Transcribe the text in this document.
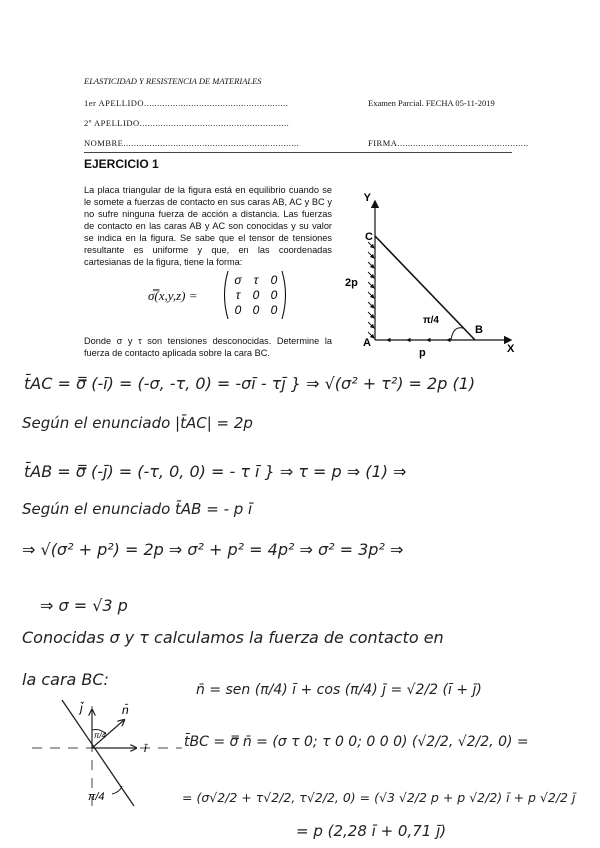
ELASTICIDAD Y RESISTENCIA DE MATERIALES
1er APELLIDO.......................................................	Examen Parcial. FECHA 05-11-2019
2º APELLIDO.........................................................
NOMBRE...................................................................	FIRMA..................................................
EJERCICIO 1
La placa triangular de la figura está en equilibrio cuando se le somete a fuerzas de contacto en sus caras AB, AC y BC y no sufre ninguna fuerza de acción a distancia. Las fuerzas de contacto en las caras AB y AC son conocidas y su valor se indica en la figura. Se sabe que el tensor de tensiones resultante es uniforme y que, en las coordenadas cartesianas de la figura, tiene la forma:
σ̿(x,y,z) =
σ τ 0
τ 0 0
0 0 0
Donde σ y τ son tensiones desconocidas. Determine la fuerza de contacto aplicada sobre la cara BC.
Y
X
C
A
B
2p
p
π/4
t̄AC = σ̿ (-ī) = (-σ, -τ, 0) = -σī - τj̄ } ⇒ √(σ² + τ²) = 2p (1)
Según el enunciado |t̄AC| = 2p
t̄AB = σ̿ (-j̄) = (-τ, 0, 0) = - τ ī } ⇒ τ = p ⇒ (1) ⇒
Según el enunciado t̄AB = - p ī
⇒ √(σ² + p²) = 2p ⇒ σ² + p² = 4p² ⇒ σ² = 3p² ⇒
⇒ σ = √3 p
Conocidas σ y τ calculamos la fuerza de contacto en
la cara BC:
j̄	n̄
ī
π/4
π/4
n̄ = sen (π/4) ī + cos (π/4) j̄ = √2/2 (ī + j̄)
t̄BC = σ̿ n̄ = (σ τ 0; τ 0 0; 0 0 0) (√2/2, √2/2, 0) =
= (σ√2/2 + τ√2/2, τ√2/2, 0) = (√3 √2/2 p + p √2/2) ī + p √2/2 j̄
= p (2,28 ī + 0,71 j̄)
